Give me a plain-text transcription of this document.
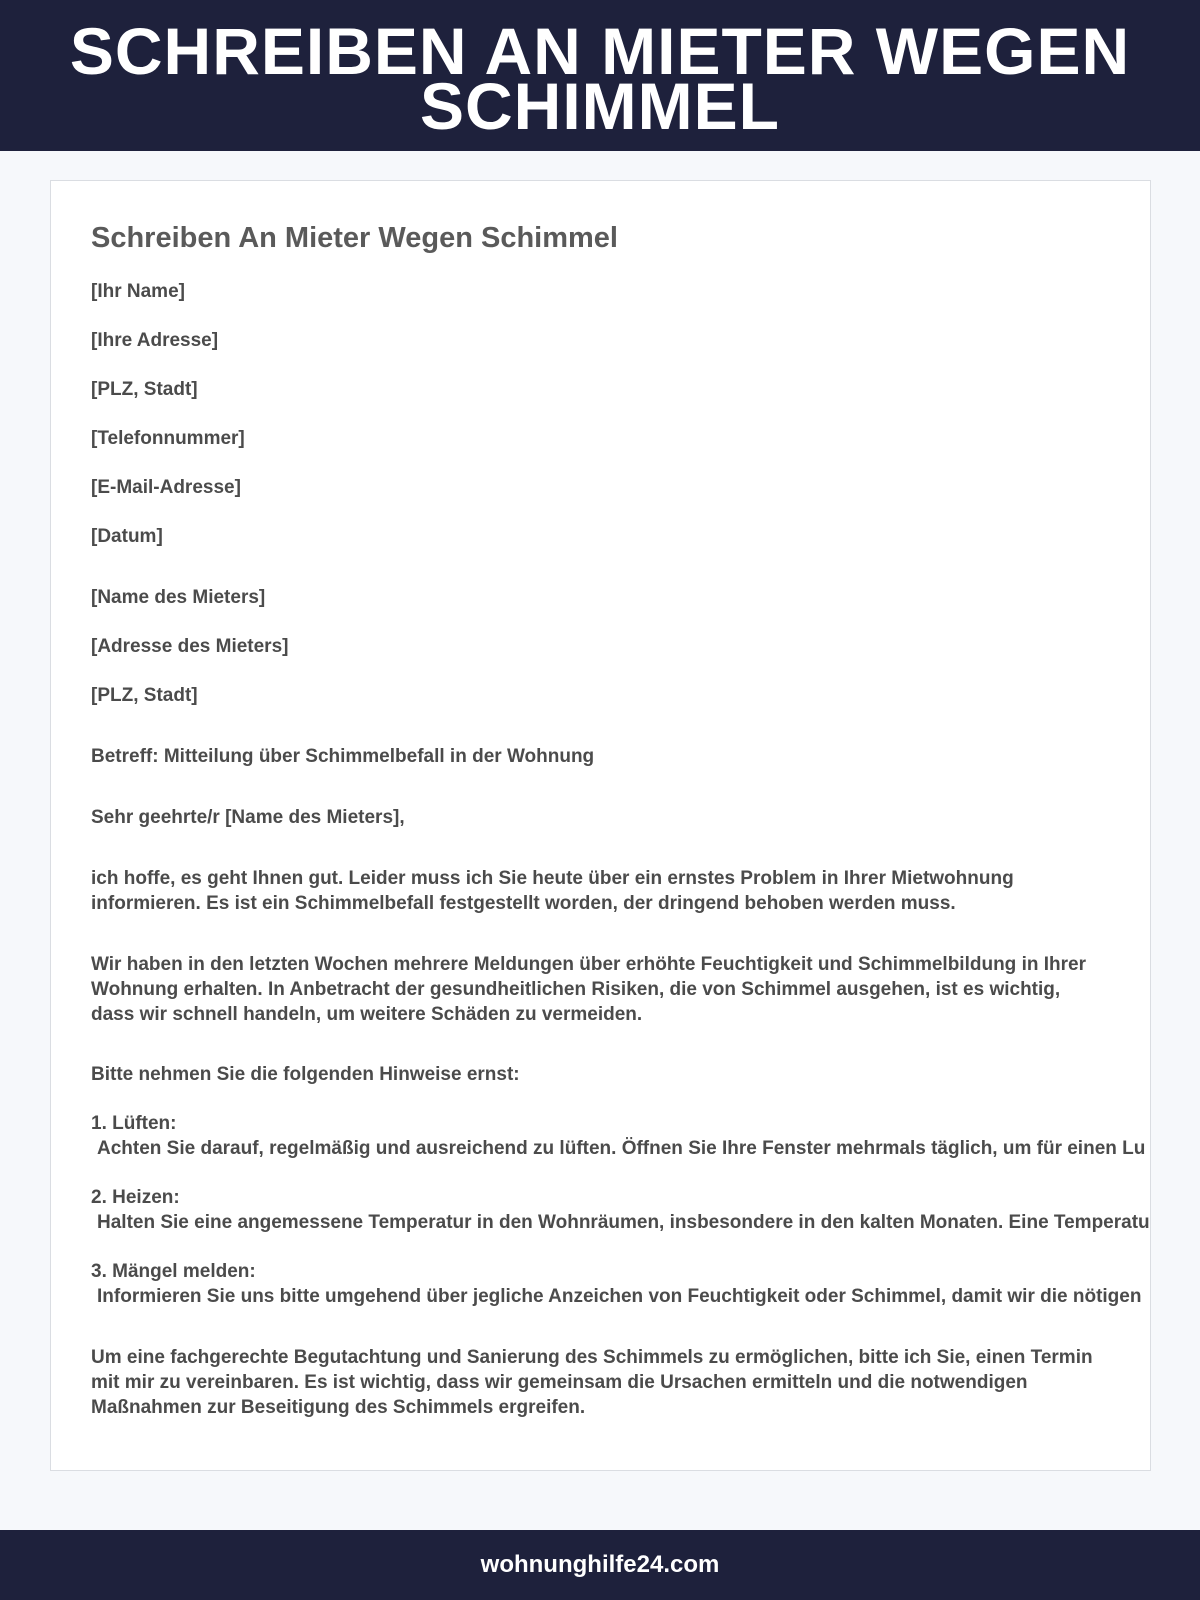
SCHREIBEN AN MIETER WEGEN SCHIMMEL
Schreiben An Mieter Wegen Schimmel
[Ihr Name]
[Ihre Adresse]
[PLZ, Stadt]
[Telefonnummer]
[E-Mail-Adresse]
[Datum]
[Name des Mieters]
[Adresse des Mieters]
[PLZ, Stadt]
Betreff: Mitteilung über Schimmelbefall in der Wohnung
Sehr geehrte/r [Name des Mieters],
ich hoffe, es geht Ihnen gut. Leider muss ich Sie heute über ein ernstes Problem in Ihrer Mietwohnung informieren. Es ist ein Schimmelbefall festgestellt worden, der dringend behoben werden muss.
Wir haben in den letzten Wochen mehrere Meldungen über erhöhte Feuchtigkeit und Schimmelbildung in Ihrer Wohnung erhalten. In Anbetracht der gesundheitlichen Risiken, die von Schimmel ausgehen, ist es wichtig, dass wir schnell handeln, um weitere Schäden zu vermeiden.
Bitte nehmen Sie die folgenden Hinweise ernst:
1. Lüften:
Achten Sie darauf, regelmäßig und ausreichend zu lüften. Öffnen Sie Ihre Fenster mehrmals täglich, um für einen Lu
2. Heizen:
Halten Sie eine angemessene Temperatur in den Wohnräumen, insbesondere in den kalten Monaten. Eine Temperatu
3. Mängel melden:
Informieren Sie uns bitte umgehend über jegliche Anzeichen von Feuchtigkeit oder Schimmel, damit wir die nötigen
Um eine fachgerechte Begutachtung und Sanierung des Schimmels zu ermöglichen, bitte ich Sie, einen Termin mit mir zu vereinbaren. Es ist wichtig, dass wir gemeinsam die Ursachen ermitteln und die notwendigen Maßnahmen zur Beseitigung des Schimmels ergreifen.
wohnunghilfe24.com
